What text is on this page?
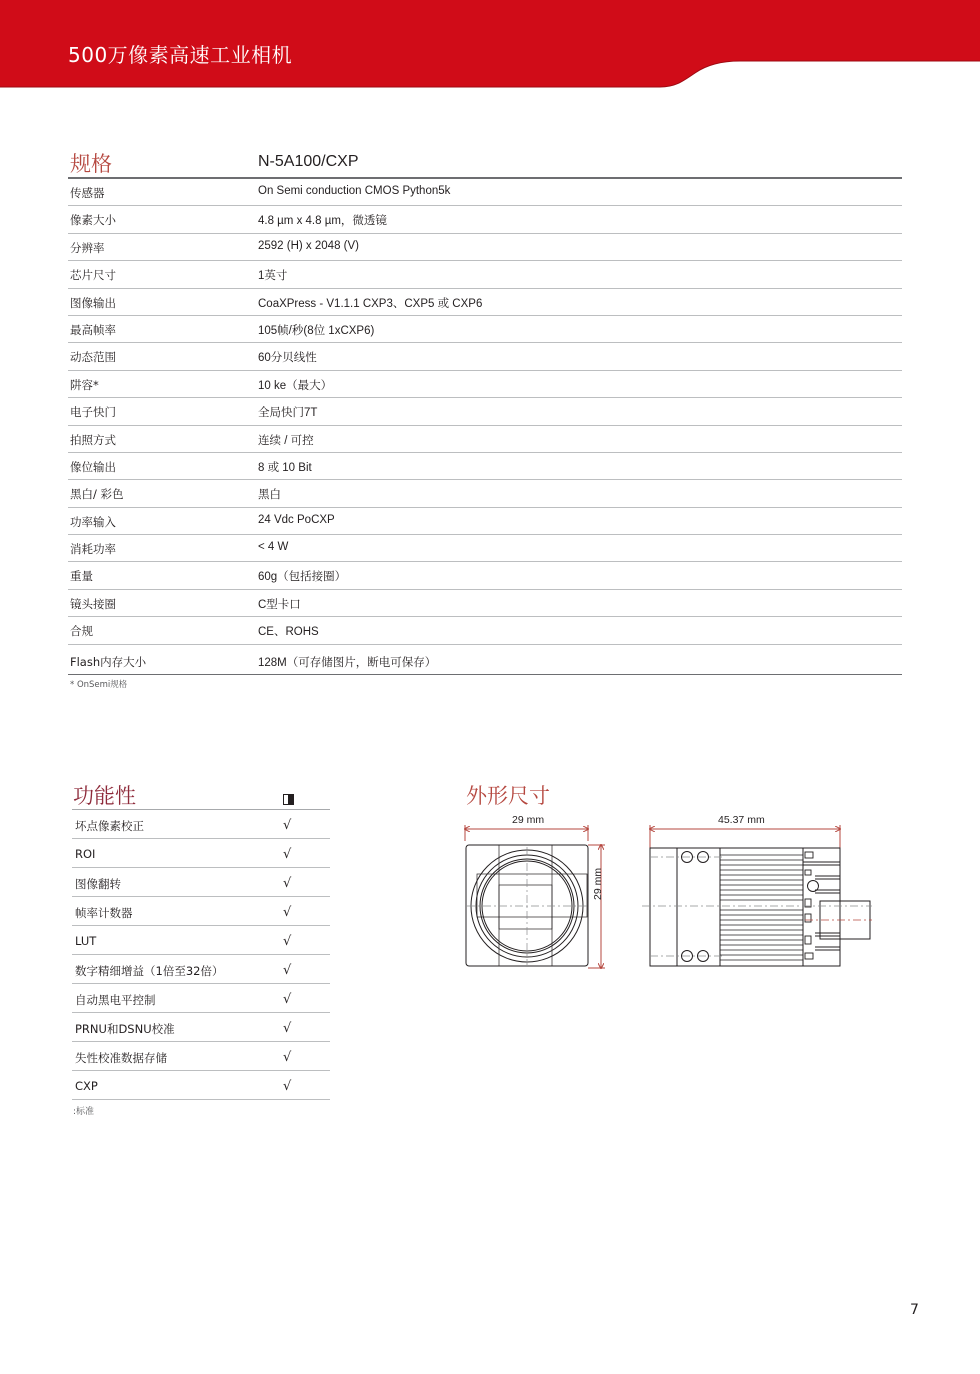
500万像素高速工业相机
规格	N-5A100/CXP
传感器	On Semi conduction CMOS Python5k
像素大小	4.8 µm x 4.8 µm，微透镜
分辨率	2592 (H) x 2048 (V)
芯片尺寸	1英寸
图像输出	CoaXPress - V1.1.1 CXP3、CXP5 或 CXP6
最高帧率	105帧/秒(8位 1xCXP6)
动态范围	60分贝线性
阱容*	10 ke（最大）
电子快门	全局快门7T
拍照方式	连续 / 可控
像位输出	8 或 10 Bit
黑白/ 彩色	黑白
功率输入	24 Vdc PoCXP
消耗功率	< 4 W
重量	60g（包括接圈）
镜头接圈	C型卡口
合规	CE、ROHS
Flash内存大小	128M（可存储图片，断电可保存）
* OnSemi规格
功能性
坏点像素校正	√
ROI	√
图像翻转	√
帧率计数器	√
LUT	√
数字精细增益（1倍至32倍）	√
自动黑电平控制	√
PRNU和DSNU校准	√
失性校准数据存储	√
CXP	√
:标准
外形尺寸
29 mm
29 mm
45.37 mm
7
